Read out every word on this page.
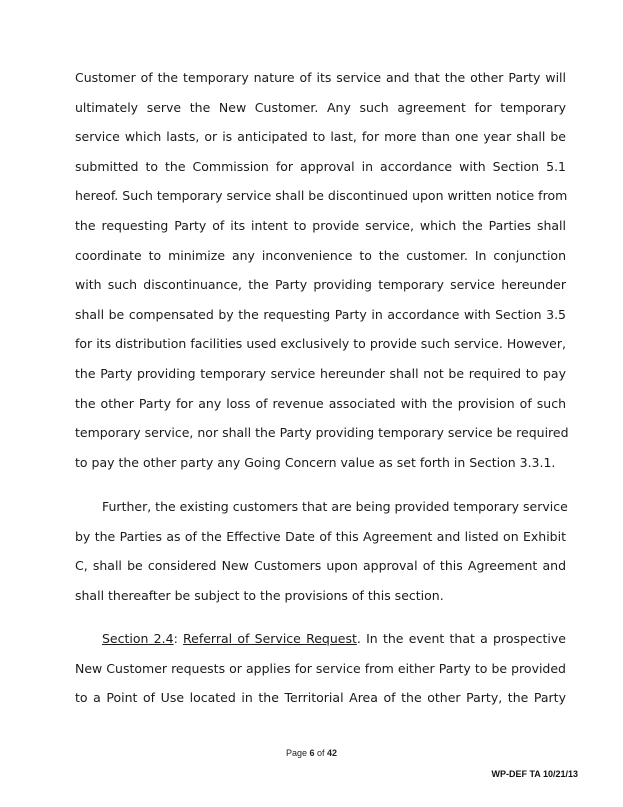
Customer of the temporary nature of its service and that the other Party will
ultimately serve the New Customer. Any such agreement for temporary
service which lasts, or is anticipated to last, for more than one year shall be
submitted to the Commission for approval in accordance with Section 5.1
hereof. Such temporary service shall be discontinued upon written notice from
the requesting Party of its intent to provide service, which the Parties shall
coordinate to minimize any inconvenience to the customer. In conjunction
with such discontinuance, the Party providing temporary service hereunder
shall be compensated by the requesting Party in accordance with Section 3.5
for its distribution facilities used exclusively to provide such service. However,
the Party providing temporary service hereunder shall not be required to pay
the other Party for any loss of revenue associated with the provision of such
temporary service, nor shall the Party providing temporary service be required
to pay the other party any Going Concern value as set forth in Section 3.3.1.
Further, the existing customers that are being provided temporary service
by the Parties as of the Effective Date of this Agreement and listed on Exhibit
C, shall be considered New Customers upon approval of this Agreement and
shall thereafter be subject to the provisions of this section.
Section 2.4: Referral of Service Request. In the event that a prospective
New Customer requests or applies for service from either Party to be provided
to a Point of Use located in the Territorial Area of the other Party, the Party
Page 6 of 42
WP-DEF TA 10/21/13
